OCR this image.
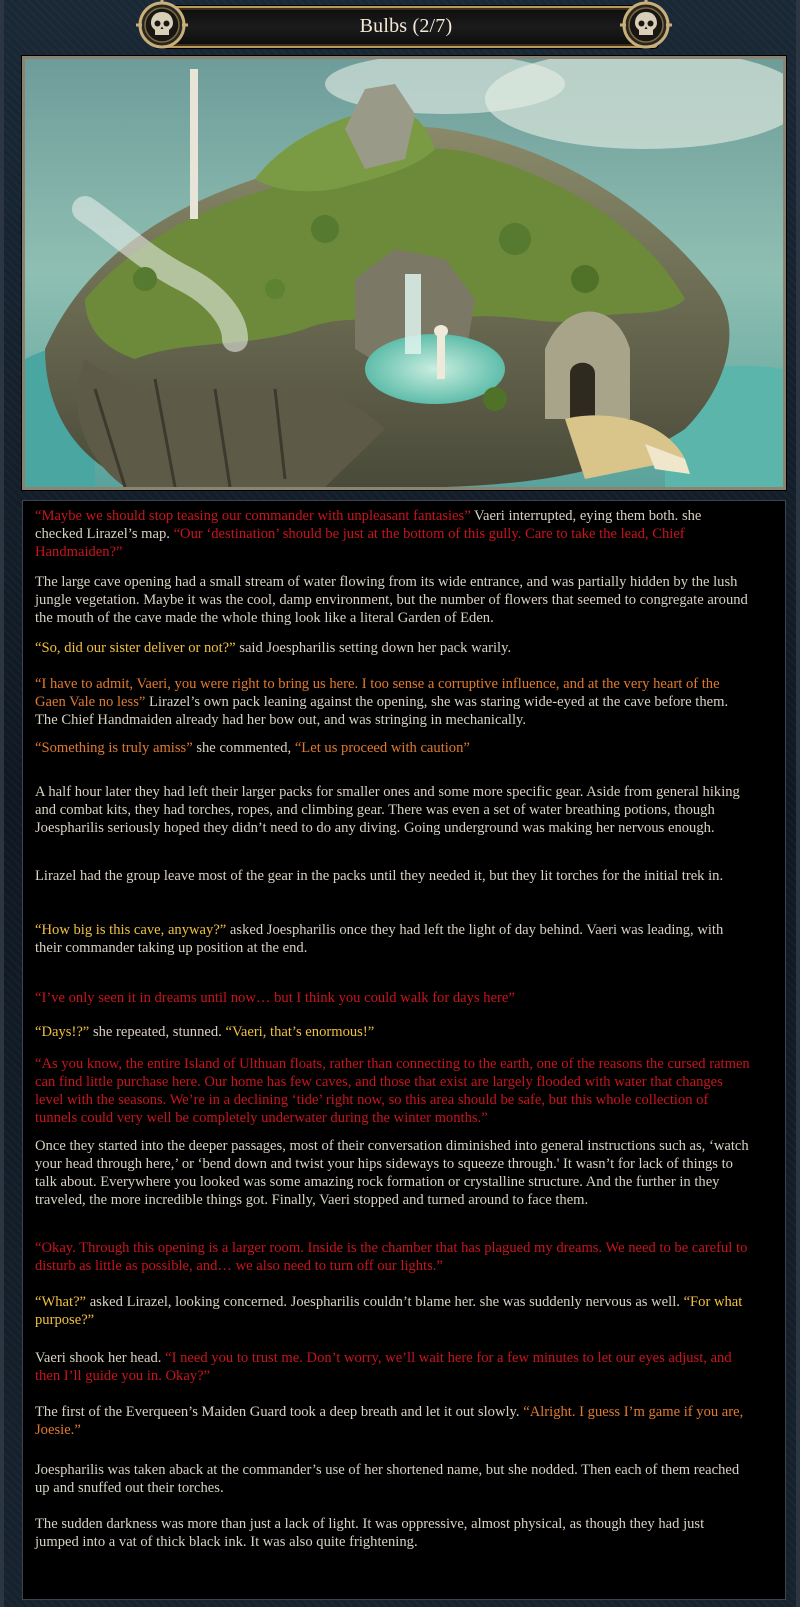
Bulbs (2/7)

“Maybe we should stop teasing our commander with unpleasant fantasies” Vaeri interrupted, eying them both. she checked Lirazel’s map. “Our ‘destination’ should be just at the bottom of this gully. Care to take the lead, Chief Handmaiden?”

The large cave opening had a small stream of water flowing from its wide entrance, and was partially hidden by the lush jungle vegetation. Maybe it was the cool, damp environment, but the number of flowers that seemed to congregate around the mouth of the cave made the whole thing look like a literal Garden of Eden.

“So, did our sister deliver or not?” said Joespharilis setting down her pack warily.

“I have to admit, Vaeri, you were right to bring us here. I too sense a corruptive influence, and at the very heart of the Gaen Vale no less” Lirazel’s own pack leaning against the opening, she was staring wide-eyed at the cave before them. The Chief Handmaiden already had her bow out, and was stringing in mechanically.

“Something is truly amiss” she commented, “Let us proceed with caution”

A half hour later they had left their larger packs for smaller ones and some more specific gear. Aside from general hiking and combat kits, they had torches, ropes, and climbing gear. There was even a set of water breathing potions, though Joespharilis seriously hoped they didn’t need to do any diving. Going underground was making her nervous enough.

Lirazel had the group leave most of the gear in the packs until they needed it, but they lit torches for the initial trek in.

“How big is this cave, anyway?” asked Joespharilis once they had left the light of day behind. Vaeri was leading, with their commander taking up position at the end.

“I’ve only seen it in dreams until now… but I think you could walk for days here”

“Days!?” she repeated, stunned. “Vaeri, that’s enormous!”

“As you know, the entire Island of Ulthuan floats, rather than connecting to the earth, one of the reasons the cursed ratmen can find little purchase here. Our home has few caves, and those that exist are largely flooded with water that changes level with the seasons. We’re in a declining ‘tide’ right now, so this area should be safe, but this whole collection of tunnels could very well be completely underwater during the winter months.”

Once they started into the deeper passages, most of their conversation diminished into general instructions such as, ‘watch your head through here,’ or ‘bend down and twist your hips sideways to squeeze through.' It wasn’t for lack of things to talk about. Everywhere you looked was some amazing rock formation or crystalline structure. And the further in they traveled, the more incredible things got. Finally, Vaeri stopped and turned around to face them.

“Okay. Through this opening is a larger room. Inside is the chamber that has plagued my dreams. We need to be careful to disturb as little as possible, and… we also need to turn off our lights.”

“What?” asked Lirazel, looking concerned. Joespharilis couldn’t blame her. she was suddenly nervous as well. “For what purpose?”

Vaeri shook her head. “I need you to trust me. Don’t worry, we’ll wait here for a few minutes to let our eyes adjust, and then I’ll guide you in. Okay?”

The first of the Everqueen’s Maiden Guard took a deep breath and let it out slowly. “Alright. I guess I’m game if you are, Joesie.”

Joespharilis was taken aback at the commander’s use of her shortened name, but she nodded. Then each of them reached up and snuffed out their torches.

The sudden darkness was more than just a lack of light. It was oppressive, almost physical, as though they had just jumped into a vat of thick black ink. It was also quite frightening.
